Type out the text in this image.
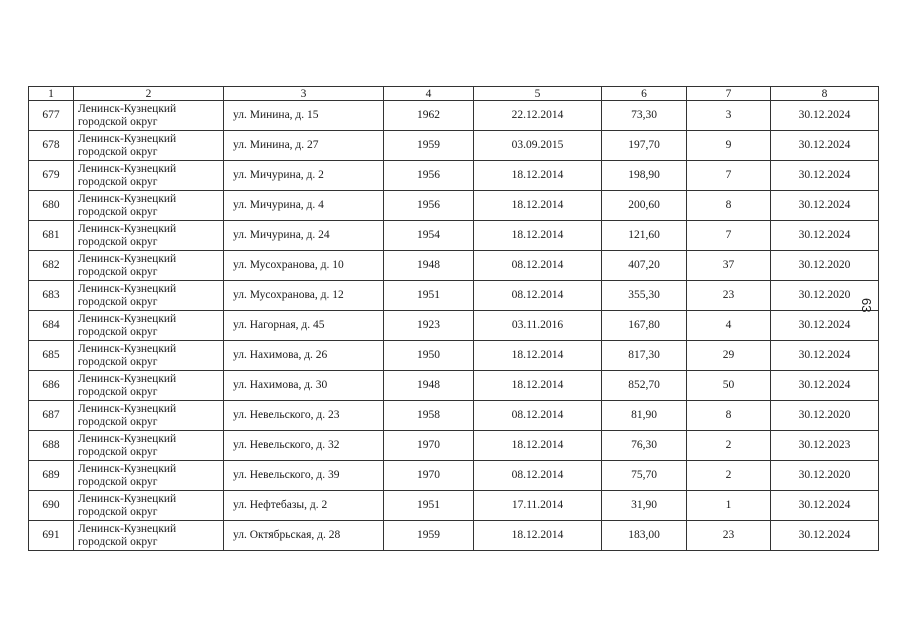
1	2	3	4	5	6	7	8
677	Ленинск-Кузнецкий
городской округ	ул. Минина, д. 15	1962	22.12.2014	73,30	3	30.12.2024
678	Ленинск-Кузнецкий
городской округ	ул. Минина, д. 27	1959	03.09.2015	197,70	9	30.12.2024
679	Ленинск-Кузнецкий
городской округ	ул. Мичурина, д. 2	1956	18.12.2014	198,90	7	30.12.2024
680	Ленинск-Кузнецкий
городской округ	ул. Мичурина, д. 4	1956	18.12.2014	200,60	8	30.12.2024
681	Ленинск-Кузнецкий
городской округ	ул. Мичурина, д. 24	1954	18.12.2014	121,60	7	30.12.2024
682	Ленинск-Кузнецкий
городской округ	ул. Мусохранова, д. 10	1948	08.12.2014	407,20	37	30.12.2020
683	Ленинск-Кузнецкий
городской округ	ул. Мусохранова, д. 12	1951	08.12.2014	355,30	23	30.12.2020
684	Ленинск-Кузнецкий
городской округ	ул. Нагорная, д. 45	1923	03.11.2016	167,80	4	30.12.2024
685	Ленинск-Кузнецкий
городской округ	ул. Нахимова, д. 26	1950	18.12.2014	817,30	29	30.12.2024
686	Ленинск-Кузнецкий
городской округ	ул. Нахимова, д. 30	1948	18.12.2014	852,70	50	30.12.2024
687	Ленинск-Кузнецкий
городской округ	ул. Невельского, д. 23	1958	08.12.2014	81,90	8	30.12.2020
688	Ленинск-Кузнецкий
городской округ	ул. Невельского, д. 32	1970	18.12.2014	76,30	2	30.12.2023
689	Ленинск-Кузнецкий
городской округ	ул. Невельского, д. 39	1970	08.12.2014	75,70	2	30.12.2020
690	Ленинск-Кузнецкий
городской округ	ул. Нефтебазы, д. 2	1951	17.11.2014	31,90	1	30.12.2024
691	Ленинск-Кузнецкий
городской округ	ул. Октябрьская, д. 28	1959	18.12.2014	183,00	23	30.12.2024
63
